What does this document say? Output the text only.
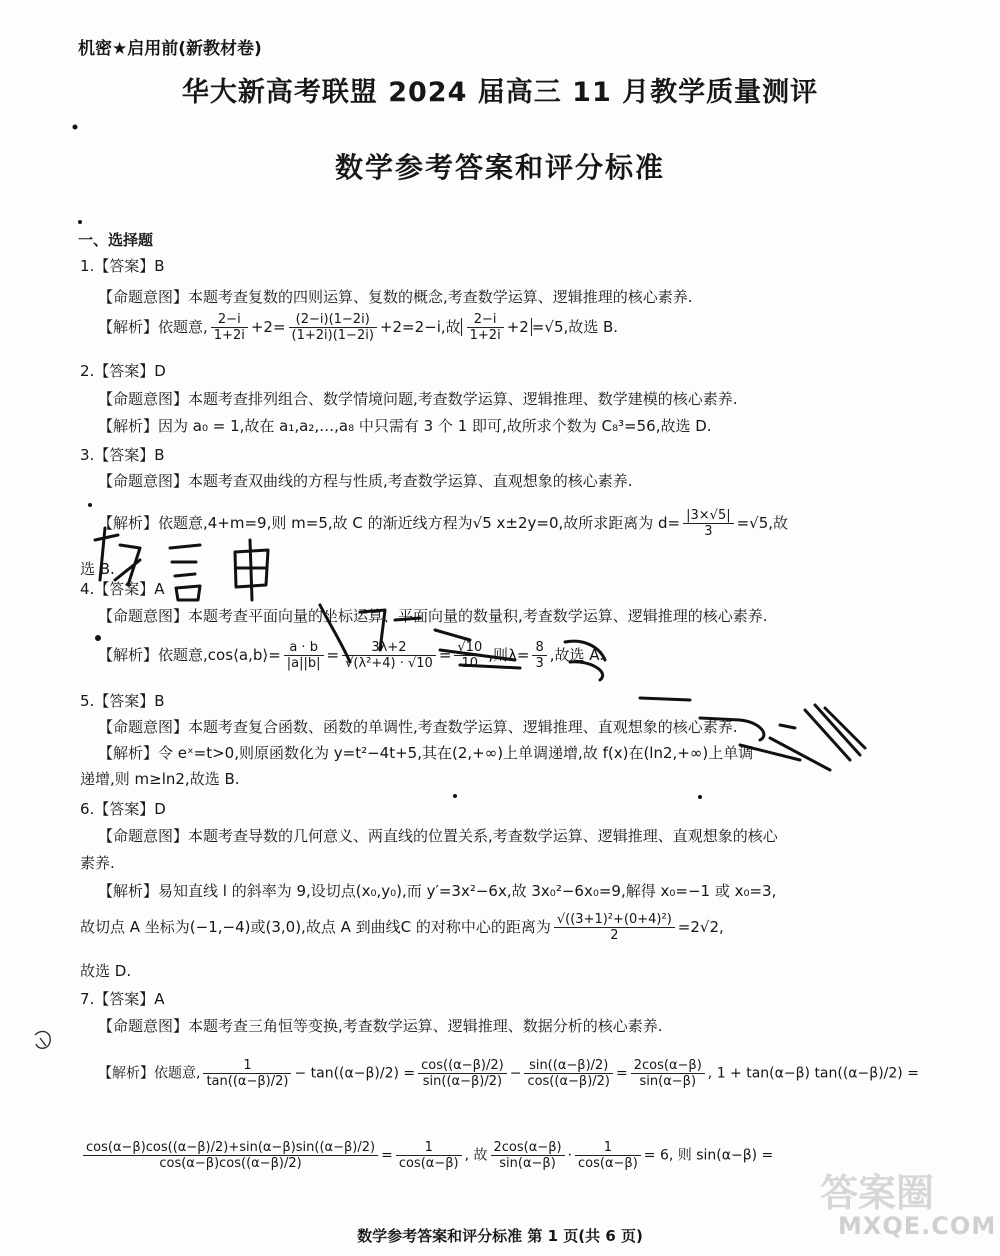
机密★启用前(新教材卷)
华大新高考联盟 2024 届高三 11 月教学质量测评
数学参考答案和评分标准
一、选择题
1.【答案】B
【命题意图】本题考查复数的四则运算、复数的概念,考查数学运算、逻辑推理的核心素养.
【解析】依题意, $\frac{2-i}{1+2i} +2= \frac{(2-i)(1-2i)}{(1+2i)(1-2i)} +2=2-i$,故 $\frac{2-i}{1+2i} +2 =√5$,故选 B.
2.【答案】D
【命题意图】本题考查排列组合、数学情境问题,考查数学运算、逻辑推理、数学建模的核心素养.
【解析】因为 a₀ = 1,故在 a₁,a₂,…,a₈ 中只需有 3 个 1 即可,故所求个数为 C₈³=56,故选 D.
3.【答案】B
【命题意图】本题考查双曲线的方程与性质,考查数学运算、直观想象的核心素养.
【解析】依题意,4+m=9,则 m=5,故 C 的渐近线方程为√5 x±2y=0,故所求距离为 $d= \frac{|3\times√5|}{3} =√5$,故
选 B.
4.【答案】A
【命题意图】本题考查平面向量的坐标运算、平面向量的数量积,考查数学运算、逻辑推理的核心素养.
【解析】依题意,cos⟨a,b⟩= $\frac{a \cdot b}{|a||b|} = \frac{3\lambda+2}{\text{√(λ²+4) · √10}} = \frac{√10}{10}$ ,则$\lambda= \frac{8}{3}$ ,故选 A.
5.【答案】B
【命题意图】本题考查复合函数、函数的单调性,考查数学运算、逻辑推理、直观想象的核心素养.
【解析】令 eˣ=t>0,则原函数化为 y=t²−4t+5,其在(2,+∞)上单调递增,故 f(x)在(ln2,+∞)上单调
递增,则 m≥ln2,故选 B.
6.【答案】D
【命题意图】本题考查导数的几何意义、两直线的位置关系,考查数学运算、逻辑推理、直观想象的核心
素养.
【解析】易知直线 l 的斜率为 9,设切点(x₀,y₀),而 y′=3x²−6x,故 3x₀²−6x₀=9,解得 x₀=−1 或 x₀=3,
故切点 A 坐标为(−1,−4)或(3,0),故点 A 到曲线C 的对称中心的距离为 $\frac{\text{√((3+1)²+(0+4)²)}}{2} =2√2$,
故选 D.
7.【答案】A
【命题意图】本题考查三角恒等变换,考查数学运算、逻辑推理、数据分析的核心素养.
【解析】依题意, $\frac{1}{\tan((\alpha-\beta)/2)} - \tan((\alpha-\beta)/2) = \frac{\cos((\alpha-\beta)/2)}{\sin((\alpha-\beta)/2)} - \frac{\sin((\alpha-\beta)/2)}{\cos((\alpha-\beta)/2)} = \frac{2\cos(\alpha-\beta)}{\sin(\alpha-\beta)}$ , 1 + tan(α−β) tan((α−β)/2) =
$\frac{\cos(\alpha-\beta)\cos((\alpha-\beta)/2)+\sin(\alpha-\beta)\sin((\alpha-\beta)/2)}{\cos(\alpha-\beta)\cos((\alpha-\beta)/2)} = \frac{1}{\cos(\alpha-\beta)}$ , 故 $\frac{2\cos(\alpha-\beta)}{\sin(\alpha-\beta)} \cdot \frac{1}{\cos(\alpha-\beta)} = 6$, 则 sin(α−β) =
数学参考答案和评分标准 第 1 页(共 6 页)
答案圈
MXQE.COM
